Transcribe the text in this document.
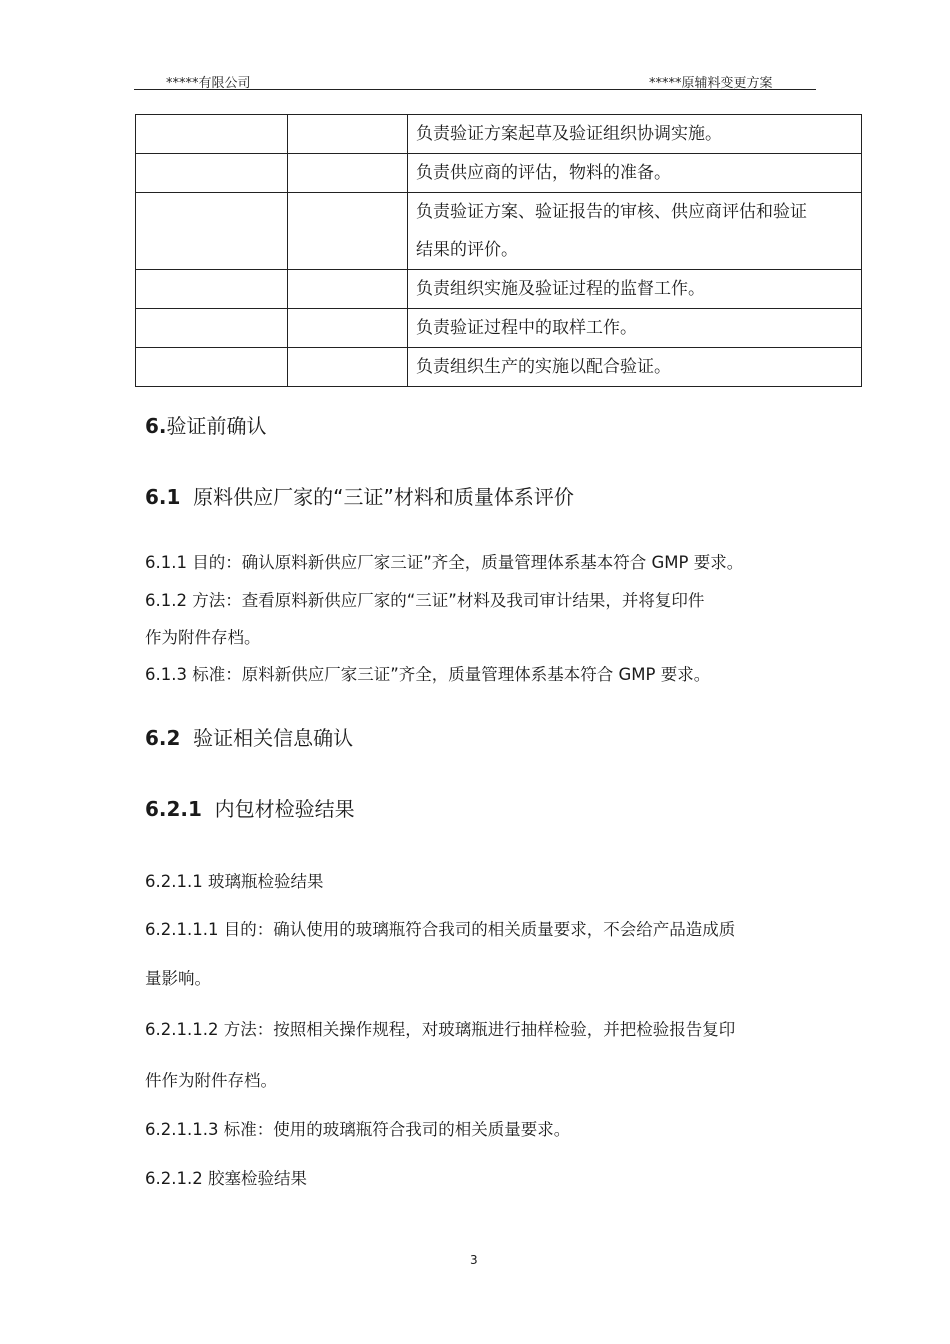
*****有限公司	*****原辅料变更方案
		负责验证方案起草及验证组织协调实施。
		负责供应商的评估，物料的准备。

		负责验证方案、验证报告的审核、供应商评估和验证
结果的评价。

		负责组织实施及验证过程的监督工作。
		负责验证过程中的取样工作。
		负责组织生产的实施以配合验证。
6.验证前确认
6.1 原料供应厂家的“三证”材料和质量体系评价
6.1.1 目的：确认原料新供应厂家三证”齐全，质量管理体系基本符合 GMP 要求。
6.1.2 方法：查看原料新供应厂家的“三证”材料及我司审计结果，并将复印件
作为附件存档。
6.1.3 标准：原料新供应厂家三证”齐全，质量管理体系基本符合 GMP 要求。
6.2 验证相关信息确认
6.2.1 内包材检验结果
6.2.1.1 玻璃瓶检验结果
6.2.1.1.1 目的：确认使用的玻璃瓶符合我司的相关质量要求，不会给产品造成质
量影响。
6.2.1.1.2 方法：按照相关操作规程，对玻璃瓶进行抽样检验，并把检验报告复印
件作为附件存档。
6.2.1.1.3 标准：使用的玻璃瓶符合我司的相关质量要求。
6.2.1.2 胶塞检验结果
3
